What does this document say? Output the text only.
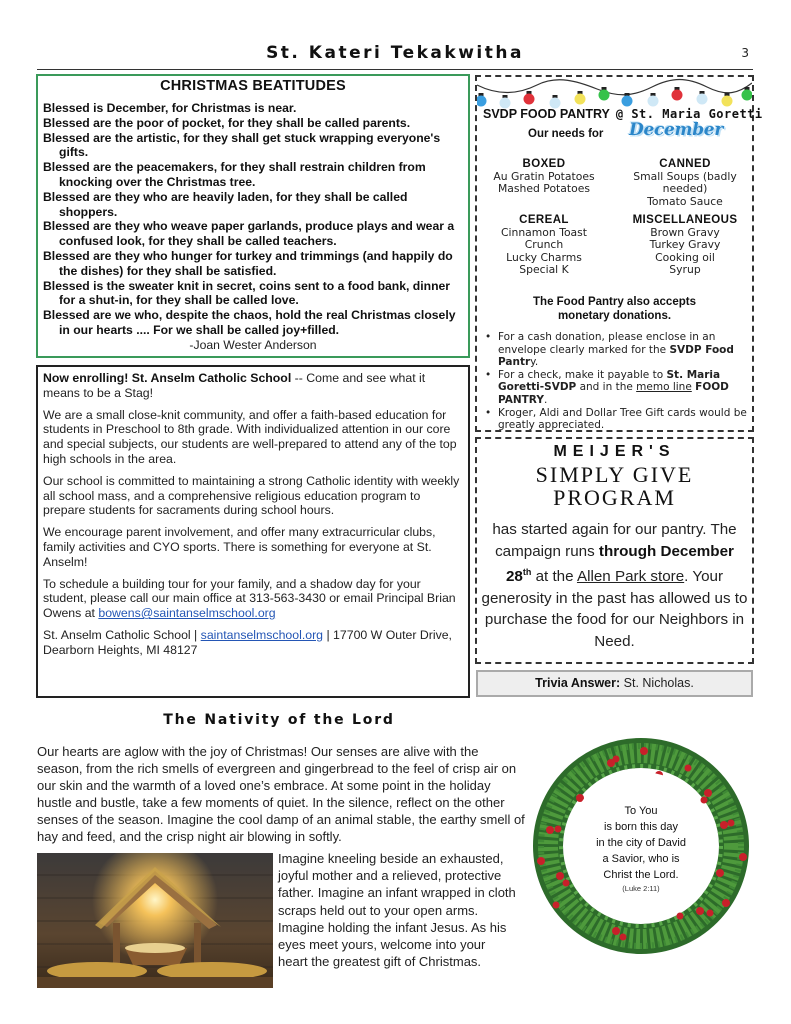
St. Kateri Tekakwitha	3
CHRISTMAS BEATITUDES
Blessed is December, for Christmas is near.
Blessed are the poor of pocket, for they shall be called parents.
Blessed are the artistic, for they shall get stuck wrapping everyone's gifts.
Blessed are the peacemakers, for they shall restrain children from knocking over the Christmas tree.
Blessed are they who are heavily laden, for they shall be called shoppers.
Blessed are they who weave paper garlands, produce plays and wear a confused look, for they shall be called teachers.
Blessed are they who hunger for turkey and trimmings (and happily do the dishes) for they shall be satisfied.
Blessed is the sweater knit in secret, coins sent to a food bank, dinner for a shut-in, for they shall be called love.
Blessed are we who, despite the chaos, hold the real Christmas closely in our hearts .... For we shall be called joy+filled.
-Joan Wester Anderson

Now enrolling! St. Anselm Catholic School -- Come and see what it means to be a Stag!

We are a small close-knit community, and offer a faith-based education for students in Preschool to 8th grade. With individualized attention in our core and special subjects, our students are well-prepared to attend any of the top high schools in the area.

Our school is committed to maintaining a strong Catholic identity with weekly all school mass, and a comprehensive religious education program to prepare students for sacraments during school hours.

We encourage parent involvement, and offer many extracurricular clubs, family activities and CYO sports. There is something for everyone at St. Anselm!

To schedule a building tour for your family, and a shadow day for your student, please call our main office at 313-563-3430 or email Principal Brian Owens at bowens@saintanselmschool.org

St. Anselm Catholic School | saintanselmschool.org | 17700 W Outer Drive, Dearborn Heights, MI 48127

SVDP FOOD PANTRY @ St. Maria Goretti
Our needs for December
BOXED
Au Gratin Potatoes
Mashed Potatoes
CANNED
Small Soups (badly
needed)
Tomato Sauce
CEREAL
Cinnamon Toast
Crunch
Lucky Charms
Special K
MISCELLANEOUS
Brown Gravy
Turkey Gravy
Cooking oil
Syrup
The Food Pantry also accepts
monetary donations.
• For a cash donation, please enclose in an envelope clearly marked for the SVDP Food Pantry.
• For a check, make it payable to St. Maria Goretti-SVDP and in the memo line FOOD PANTRY.
• Kroger, Aldi and Dollar Tree Gift cards would be greatly appreciated.
MEIJER'S
SIMPLY GIVE
PROGRAM
has started again for our pantry. The campaign runs through December 28th at the Allen Park store. Your generosity in the past has allowed us to purchase the food for our Neighbors in Need.
Trivia Answer: St. Nicholas.
The Nativity of the Lord
Our hearts are aglow with the joy of Christmas! Our senses are alive with the season, from the rich smells of evergreen and gingerbread to the feel of crisp air on our skin and the warmth of a loved one’s embrace. At some point in the holiday hustle and bustle, take a few moments of quiet. In the silence, reflect on the other senses of the season. Imagine the cool damp of an animal stable, the earthy smell of hay and feed, and the crisp night air blowing in softly.
Imagine kneeling beside an exhausted, joyful mother and a relieved, protective father. Imagine an infant wrapped in cloth scraps held out to your open arms. Imagine holding the infant Jesus. As his eyes meet yours, welcome into your heart the greatest gift of Christmas.
To You
is born this day
in the city of David
a Savior, who is
Christ the Lord.
(Luke 2:11)
